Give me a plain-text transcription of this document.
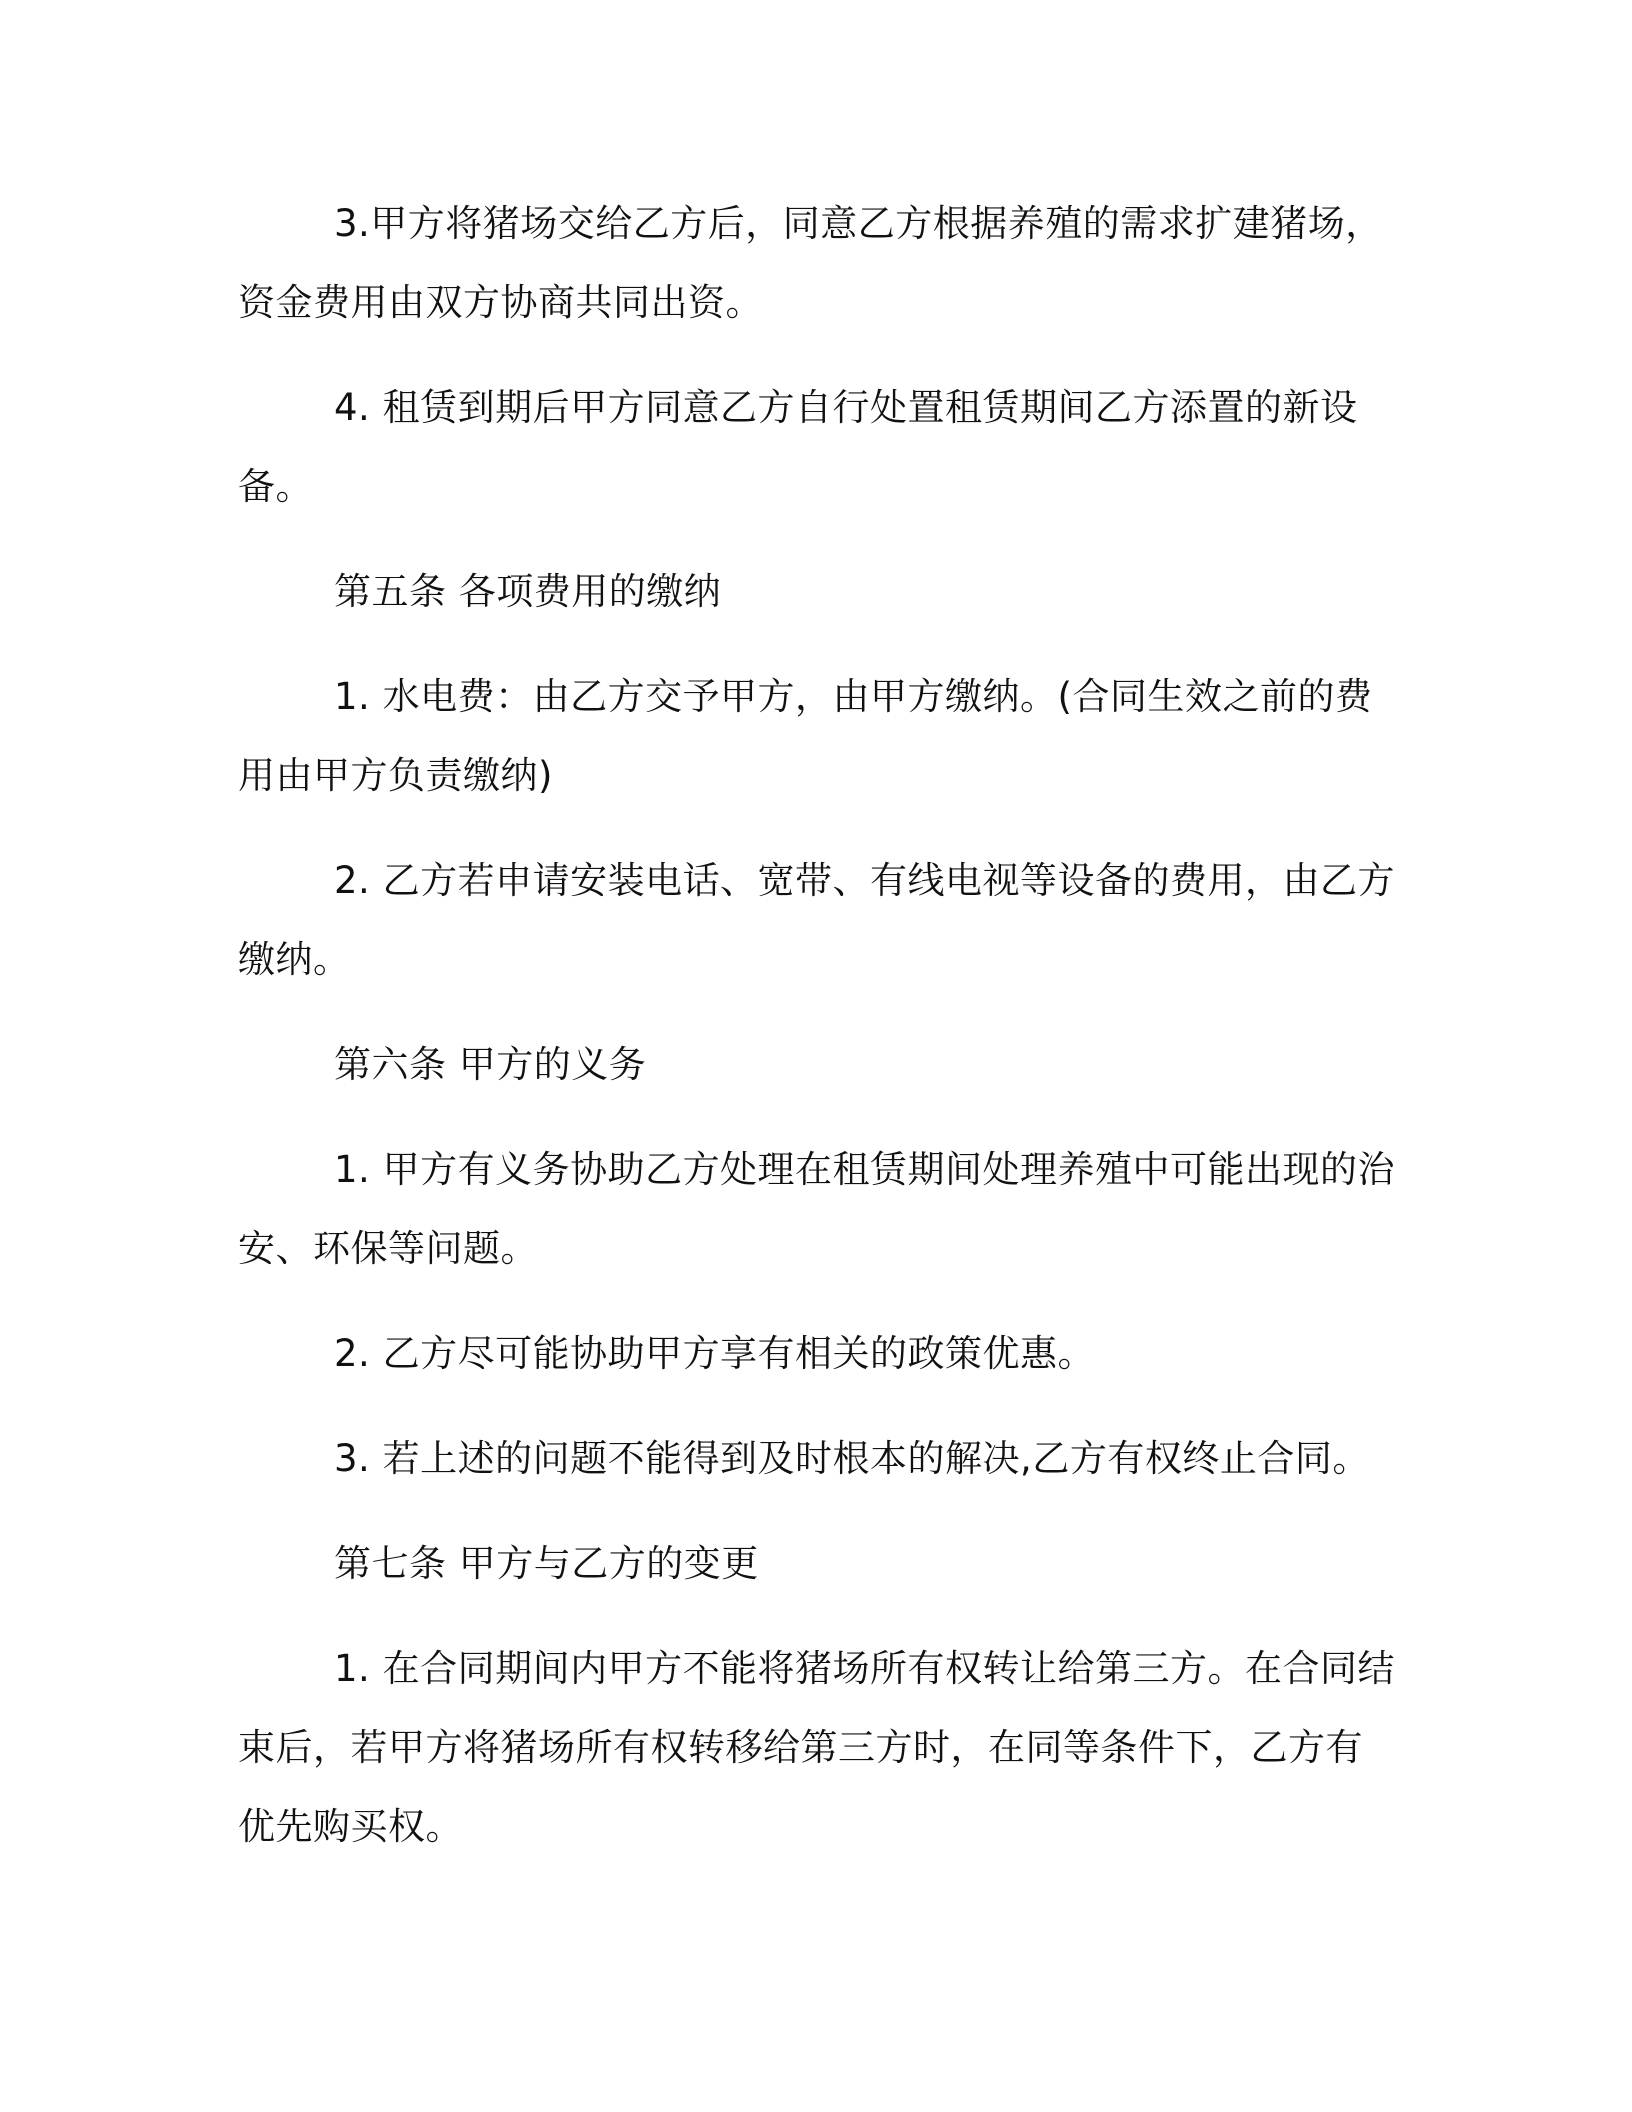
3.甲方将猪场交给乙方后，同意乙方根据养殖的需求扩建猪场，
资金费用由双方协商共同出资。

4. 租赁到期后甲方同意乙方自行处置租赁期间乙方添置的新设备。

第五条 各项费用的缴纳

1. 水电费：由乙方交予甲方，由甲方缴纳。(合同生效之前的费
用由甲方负责缴纳)

2. 乙方若申请安装电话、宽带、有线电视等设备的费用，由乙方
缴纳。

第六条 甲方的义务

1. 甲方有义务协助乙方处理在租赁期间处理养殖中可能出现的治
安、环保等问题。

2. 乙方尽可能协助甲方享有相关的政策优惠。

3. 若上述的问题不能得到及时根本的解决,乙方有权终止合同。

第七条 甲方与乙方的变更

1. 在合同期间内甲方不能将猪场所有权转让给第三方。在合同结
束后，若甲方将猪场所有权转移给第三方时，在同等条件下，乙方有
优先购买权。
